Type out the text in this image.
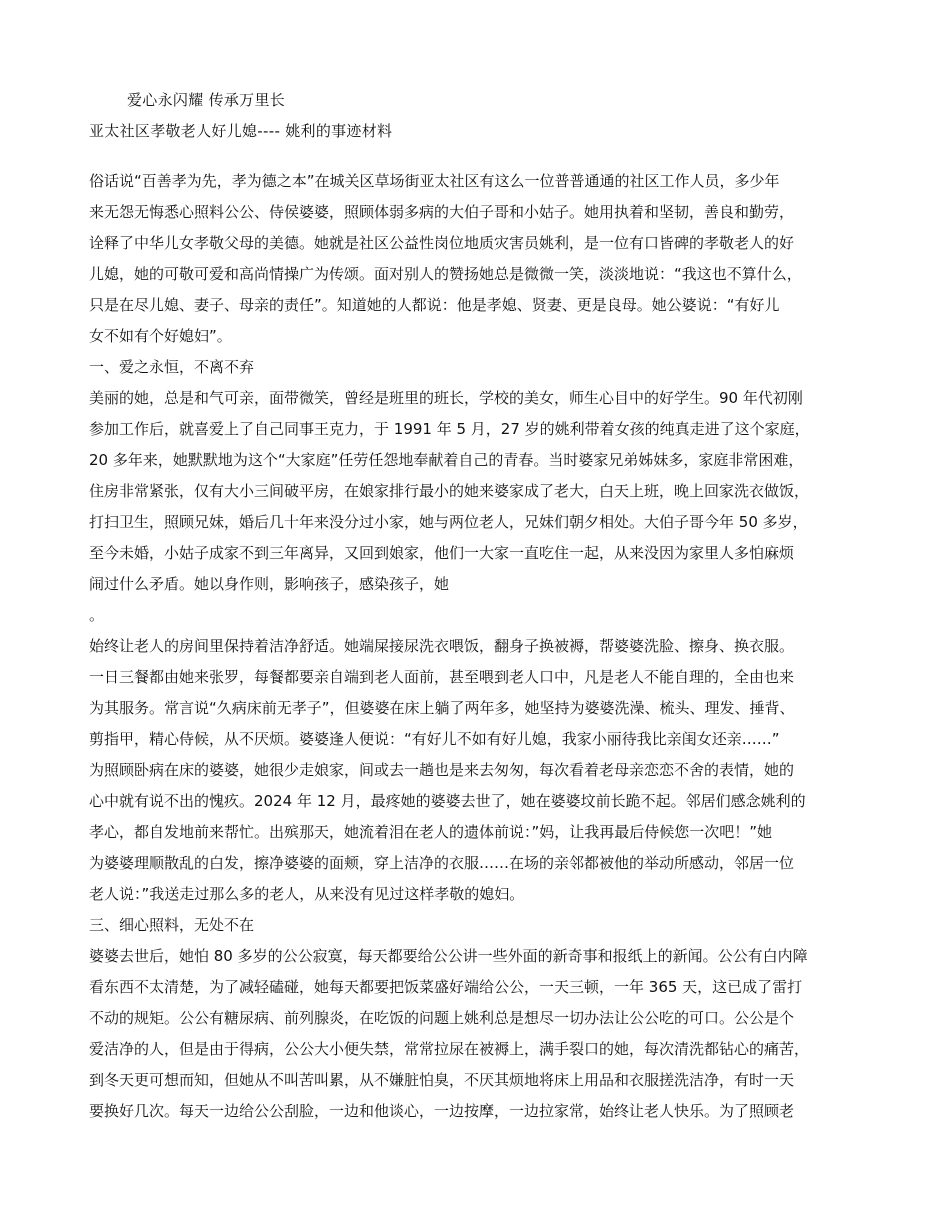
爱心永闪耀 传承万里长
亚太社区孝敬老人好儿媳---- 姚利的事迹材料
俗话说“百善孝为先，孝为德之本”在城关区草场街亚太社区有这么一位普普通通的社区工作人员，多少年
来无怨无悔悉心照料公公、侍侯婆婆，照顾体弱多病的大伯子哥和小姑子。她用执着和坚韧，善良和勤劳，
诠释了中华儿女孝敬父母的美德。她就是社区公益性岗位地质灾害员姚利，是一位有口皆碑的孝敬老人的好
儿媳，她的可敬可爱和高尚情操广为传颂。面对别人的赞扬她总是微微一笑，淡淡地说：“我这也不算什么，
只是在尽儿媳、妻子、母亲的责任”。知道她的人都说：他是孝媳、贤妻、更是良母。她公婆说：“有好儿
女不如有个好媳妇”。
一、爱之永恒，不离不弃
美丽的她，总是和气可亲，面带微笑，曾经是班里的班长，学校的美女，师生心目中的好学生。90 年代初刚
参加工作后，就喜爱上了自己同事王克力，于 1991 年 5 月，27 岁的姚利带着女孩的纯真走进了这个家庭，
20 多年来，她默默地为这个“大家庭”任劳任怨地奉献着自己的青春。当时婆家兄弟姊妹多，家庭非常困难，
住房非常紧张，仅有大小三间破平房，在娘家排行最小的她来婆家成了老大，白天上班，晚上回家洗衣做饭，
打扫卫生，照顾兄妹，婚后几十年来没分过小家，她与两位老人，兄妹们朝夕相处。大伯子哥今年 50 多岁，
至今未婚，小姑子成家不到三年离异，又回到娘家，他们一大家一直吃住一起，从来没因为家里人多怕麻烦
闹过什么矛盾。她以身作则，影响孩子，感染孩子，她
。
始终让老人的房间里保持着洁净舒适。她端屎接尿洗衣喂饭，翻身子换被褥，帮婆婆洗脸、擦身、换衣服。
一日三餐都由她来张罗，每餐都要亲自端到老人面前，甚至喂到老人口中，凡是老人不能自理的，全由也来
为其服务。常言说“久病床前无孝子”，但婆婆在床上躺了两年多，她坚持为婆婆洗澡、梳头、理发、捶背、
剪指甲，精心侍候，从不厌烦。婆婆逢人便说：“有好儿不如有好儿媳，我家小丽待我比亲闺女还亲……”
为照顾卧病在床的婆婆，她很少走娘家，间或去一趟也是来去匆匆，每次看着老母亲恋恋不舍的表情，她的
心中就有说不出的愧疚。2024 年 12 月，最疼她的婆婆去世了，她在婆婆坟前长跪不起。邻居们感念姚利的
孝心，都自发地前来帮忙。出殡那天，她流着泪在老人的遗体前说：”妈，让我再最后侍候您一次吧！”她
为婆婆理顺散乱的白发，擦净婆婆的面颊，穿上洁净的衣服……在场的亲邻都被他的举动所感动，邻居一位
老人说：”我送走过那么多的老人，从来没有见过这样孝敬的媳妇。
三、细心照料，无处不在
婆婆去世后，她怕 80 多岁的公公寂寞，每天都要给公公讲一些外面的新奇事和报纸上的新闻。公公有白内障
看东西不太清楚，为了减轻磕碰，她每天都要把饭菜盛好端给公公，一天三顿，一年 365 天，这已成了雷打
不动的规矩。公公有糖尿病、前列腺炎，在吃饭的问题上姚利总是想尽一切办法让公公吃的可口。公公是个
爱洁净的人，但是由于得病，公公大小便失禁，常常拉尿在被褥上，满手裂口的她，每次清洗都钻心的痛苦，
到冬天更可想而知，但她从不叫苦叫累，从不嫌脏怕臭，不厌其烦地将床上用品和衣服搓洗洁净，有时一天
要换好几次。每天一边给公公刮脸，一边和他谈心，一边按摩，一边拉家常，始终让老人快乐。为了照顾老
